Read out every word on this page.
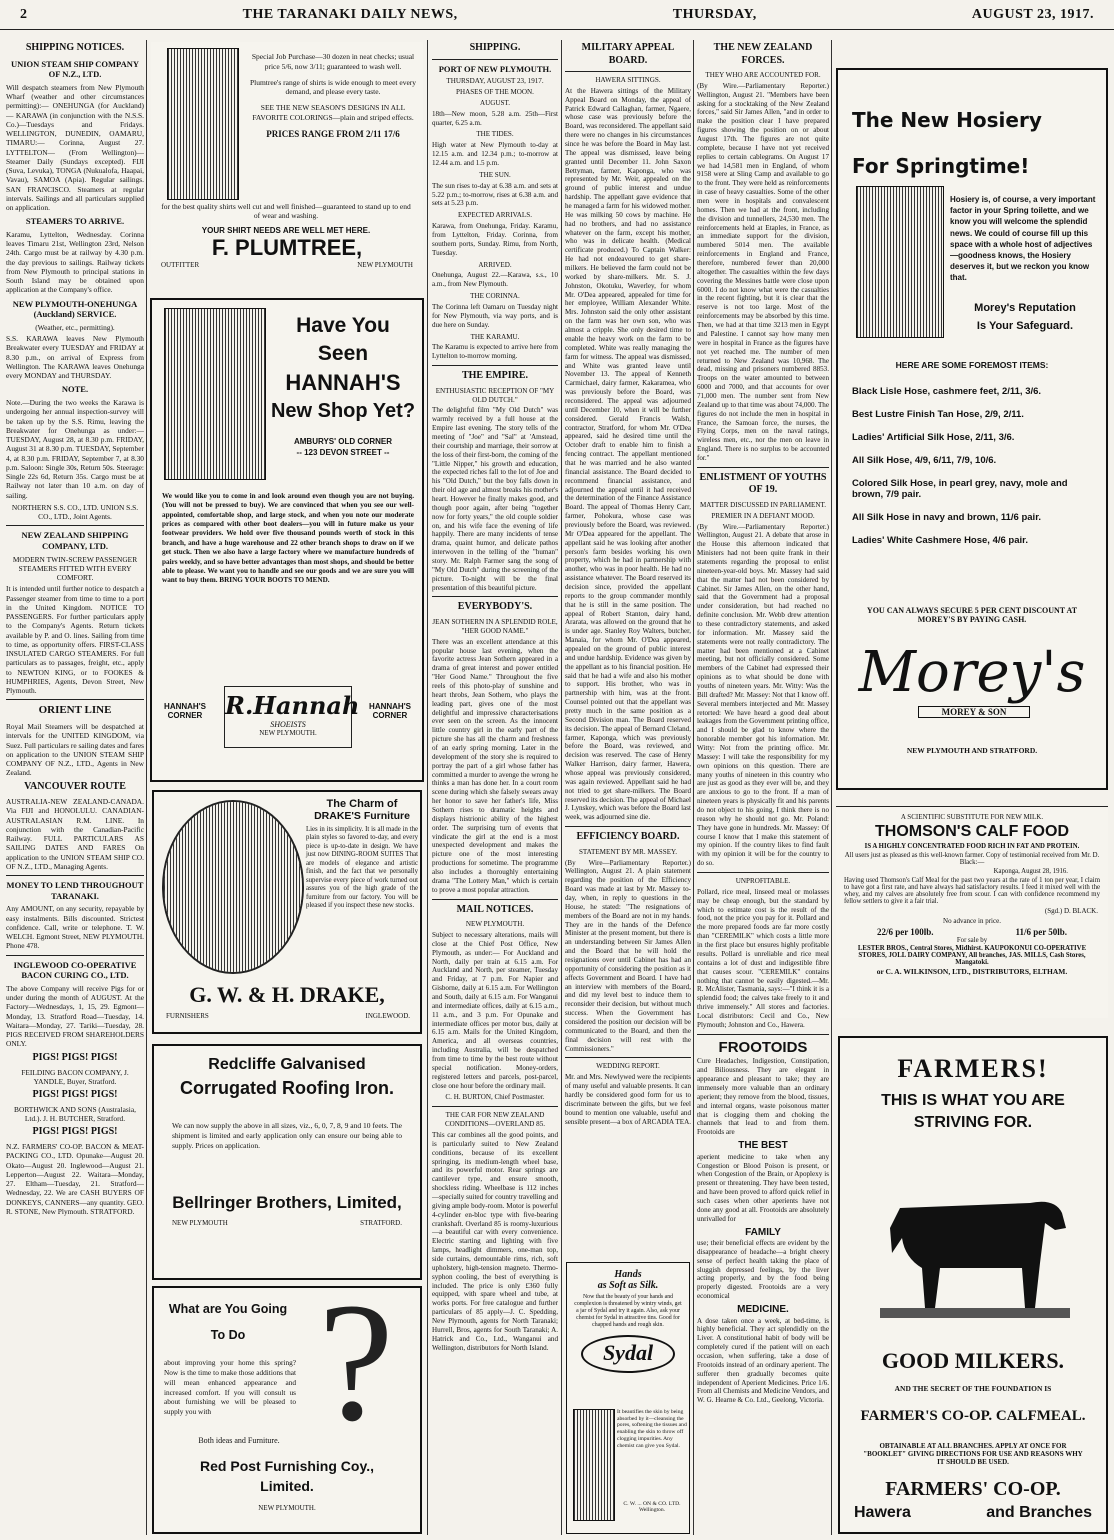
2	THE TARANAKI DAILY NEWS,	THURSDAY,	AUGUST 23, 1917.
SHIPPING NOTICES.
UNION STEAM SHIP COMPANY OF N.Z., LTD.
Will despatch steamers from New Plymouth Wharf (weather and other circumstances permitting):— ONEHUNGA (for Auckland)— KARAWA (in conjunction with the N.S.S. Co.)—Tuesdays and Fridays. WELLINGTON, DUNEDIN, OAMARU, TIMARU:— Corinna, August 27. LYTTELTON— (From Wellington)— Steamer Daily (Sundays excepted). FIJI (Suva, Levuka), TONGA (Nukualofa, Haapai, Vavau), SAMOA (Apia). Regular sailings. SAN FRANCISCO. Steamers at regular intervals. Sailings and all particulars supplied on application.
STEAMERS TO ARRIVE.
Karamu, Lyttelton, Wednesday. Corinna leaves Timaru 21st, Wellington 23rd, Nelson 24th. Cargo must be at railway by 4.30 p.m. the day previous to sailings. Railway tickets from New Plymouth to principal stations in South Island may be obtained upon application at the Company's office.
NEW PLYMOUTH-ONEHUNGA (Auckland) SERVICE.
(Weather, etc., permitting).
S.S. KARAWA leaves New Plymouth Breakwater every TUESDAY and FRIDAY at 8.30 p.m., on arrival of Express from Wellington. The KARAWA leaves Onehunga every MONDAY and THURSDAY.
NOTE.
Note.—During the two weeks the Karawa is undergoing her annual inspection-survey will be taken up by the S.S. Rimu, leaving the Breakwater for Onehunga as under:— TUESDAY, August 28, at 8.30 p.m. FRIDAY, August 31 at 8.30 p.m. TUESDAY, September 4, at 8.30 p.m. FRIDAY, September 7, at 8.30 p.m. Saloon: Single 30s, Return 50s. Steerage: Single 22s 6d, Return 35s. Cargo must be at Railway not later than 10 a.m. on day of sailing.
NORTHERN S.S. CO., LTD. UNION S.S. CO., LTD., Joint Agents.
NEW ZEALAND SHIPPING COMPANY, LTD.
MODERN TWIN-SCREW PASSENGER STEAMERS FITTED WITH EVERY COMFORT.
It is intended until further notice to despatch a Passenger steamer from time to time to a port in the United Kingdom. NOTICE TO PASSENGERS. For further particulars apply to the Company's Agents. Return tickets available by P. and O. lines. Sailing from time to time, as opportunity offers. FIRST-CLASS INSULATED CARGO STEAMERS. For full particulars as to passages, freight, etc., apply to NEWTON KING, or to FOOKES & HUMPHRIES, Agents, Devon Street, New Plymouth.
ORIENT LINE
Royal Mail Steamers will be despatched at intervals for the UNITED KINGDOM, via Suez. Full particulars re sailing dates and fares on application to the UNION STEAM SHIP COMPANY OF N.Z., LTD., Agents in New Zealand.
VANCOUVER ROUTE
AUSTRALIA-NEW ZEALAND-CANADA. Via FIJI and HONOLULU. CANADIAN-AUSTRALASIAN R.M. LINE. In conjunction with the Canadian-Pacific Railway. FULL PARTICULARS AS SAILING DATES AND FARES On application to the UNION STEAM SHIP CO. OF N.Z., LTD., Managing Agents.
MONEY TO LEND THROUGHOUT TARANAKI.
Any AMOUNT, on any security, repayable by easy instalments. Bills discounted. Strictest confidence. Call, write or telephone. T. W. WELCH. Egmont Street, NEW PLYMOUTH. Phone 478.
INGLEWOOD CO-OPERATIVE BACON CURING CO., LTD.
The above Company will receive Pigs for or under during the month of AUGUST. At the Factory—Wednesdays, 1, 15, 29. Egmont—Monday, 13. Stratford Road—Tuesday, 14. Waitara—Monday, 27. Tariki—Tuesday, 28. PIGS RECEIVED FROM SHAREHOLDERS ONLY.
PIGS! PIGS! PIGS!
FEILDING BACON COMPANY, J. YANDLE, Buyer, Stratford.
PIGS! PIGS! PIGS!
BORTHWICK AND SONS (Australasia, Ltd.). J. H. BUTCHER, Stratford.
PIGS! PIGS! PIGS!
N.Z. FARMERS' CO-OP. BACON & MEAT-PACKING CO., LTD. Opunake—August 20. Okato—August 20. Inglewood—August 21. Lepperton—August 22. Waitara—Monday, 27. Eltham—Tuesday, 21. Stratford—Wednesday, 22. We are CASH BUYERS OF DONKEYS, CANNERS—any quantity. GEO. R. STONE, New Plymouth. STRATFORD.
Special Job Purchase—30 dozen in neat checks; usual price 5/6, now 3/11; guaranteed to wash well.
Plumtree's range of shirts is wide enough to meet every demand, and please every taste.
SEE THE NEW SEASON'S DESIGNS IN ALL FAVORITE COLORINGS—plain and striped effects.
PRICES RANGE FROM 2/11 17/6
for the best quality shirts well cut and well finished—guaranteed to stand up to end of wear and washing.
YOUR SHIRT NEEDS ARE WELL MET HERE.
F. PLUMTREE,
OUTFITTER	NEW PLYMOUTH
Have You
Seen
HANNAH'S
New Shop Yet?
AMBURYS' OLD CORNER
-- 123 DEVON STREET --
We would like you to come in and look around even though you are not buying. (You will not be pressed to buy). We are convinced that when you see our well-appointed, comfortable shop, and large stock, and when you note our moderate prices as compared with other boot dealers—you will in future make us your footwear providers. We hold over five thousand pounds worth of stock in this branch, and have a huge warehouse and 22 other branch shops to draw on if we get stuck. Then we also have a large factory where we manufacture hundreds of pairs weekly, and so have better advantages than most shops, and should be better able to please. We want you to handle and see our goods and we are sure you will want to buy them. BRING YOUR BOOTS TO MEND.
HANNAH'S CORNER R.Hannah
SHOEISTS
NEW PLYMOUTH.
HANNAH'S CORNER
The Charm of
DRAKE'S Furniture
Lies in its simplicity. It is all made in the plain styles so favored to-day, and every piece is up-to-date in design. We have just now DINING-ROOM SUITES That are models of elegance and artistic finish, and the fact that we personally supervise every piece of work turned out assures you of the high grade of the furniture from our factory. You will be pleased if you inspect these new stocks.
G. W. & H. DRAKE,
FURNISHERS	INGLEWOOD.
Redcliffe Galvanised
Corrugated Roofing Iron.
We can now supply the above in all sizes, viz., 6, 0, 7, 8, 9 and 10 feets. The shipment is limited and early application only can ensure our being able to supply. Prices on application.
Bellringer Brothers, Limited,
NEW PLYMOUTH	STRATFORD.
What are You Going
To Do ?
about improving your home this spring? Now is the time to make those additions that will mean enhanced appearance and increased comfort. If you will consult us about furnishing we will be pleased to supply you with
Both ideas and Furniture.
Red Post Furnishing Coy.,
Limited.
NEW PLYMOUTH.
SHIPPING.
PORT OF NEW PLYMOUTH.
THURSDAY, AUGUST 23, 1917.
PHASES OF THE MOON.
AUGUST.
18th—New moon, 5.28 a.m. 25th—First quarter, 6.25 a.m.
THE TIDES.
High water at New Plymouth to-day at 12.15 a.m. and 12.34 p.m.; to-morrow at 12.44 a.m. and 1.5 p.m.
THE SUN.
The sun rises to-day at 6.38 a.m. and sets at 5.22 p.m.; to-morrow, rises at 6.38 a.m. and sets at 5.23 p.m.
EXPECTED ARRIVALS.
Karawa, from Onehunga, Friday. Karamu, from Lyttelton, Friday. Corinna, from southern ports, Sunday. Rimu, from North, Tuesday.
ARRIVED.
Onehunga, August 22.—Karawa, s.s., 10 a.m., from New Plymouth.
THE CORINNA.
The Corinna left Oamaru on Tuesday night for New Plymouth, via way ports, and is due here on Sunday.
THE KARAMU.
The Karamu is expected to arrive here from Lyttelton to-morrow morning.
THE EMPIRE.
ENTHUSIASTIC RECEPTION OF "MY OLD DUTCH."
The delightful film "My Old Dutch" was warmly received by a full house at the Empire last evening. The story tells of the meeting of "Joe" and "Sal" at 'Amstead, their courtship and marriage, their sorrow at the loss of their first-born, the coming of the "Little Nipper," his growth and education, the expected riches fall to the lot of Joe and his "Old Dutch," but the boy falls down in their old age and almost breaks his mother's heart. However he finally makes good, and though poor again, after being "together now for forty years," the old couple soldier on, and his wife face the evening of life happily. There are many incidents of tense drama, quaint humor, and delicate pathos interwoven in the telling of the "human" story. Mr. Ralph Farmer sang the song of "My Old Dutch" during the screening of the picture. To-night will be the final presentation of this beautiful picture.
EVERYBODY'S.
JEAN SOTHERN IN A SPLENDID ROLE, "HER GOOD NAME."
There was an excellent attendance at this popular house last evening, when the favorite actress Jean Sothern appeared in a drama of great interest and power entitled "Her Good Name." Throughout the five reels of this photo-play of sunshine and heart throbs, Jean Sothern, who plays the leading part, gives one of the most delightful and impressive characterisations ever seen on the screen. As the innocent little country girl in the early part of the picture she has all the charm and freshness of an early spring morning. Later in the development of the story she is required to portray the part of a girl whose father has committed a murder to avenge the wrong he thinks a man has done her. In a court room scene during which she falsely swears away her honor to save her father's life, Miss Sothern rises to dramatic heights and displays histrionic ability of the highest order. The surprising turn of events that vindicate the girl at the end is a most unexpected development and makes the picture one of the most interesting productions for sometime. The programme also includes a thoroughly entertaining drama "The Lottery Man," which is certain to prove a most popular attraction.
MAIL NOTICES.
NEW PLYMOUTH.
Subject to necessary alterations, mails will close at the Chief Post Office, New Plymouth, as under:— For Auckland and North, daily per train at 6.15 a.m. For Auckland and North, per steamer, Tuesday and Friday, at 7 p.m. For Napier and Gisborne, daily at 6.15 a.m. For Wellington and South, daily at 6.15 a.m. For Wanganui and intermediate offices, daily at 6.15 a.m., 11 a.m., and 3 p.m. For Opunake and intermediate offices per motor bus, daily at 6.15 a.m. Mails for the United Kingdom, America, and all overseas countries, including Australia, will be despatched from time to time by the best route without special notification. Money-orders, registered letters and parcels, post-parcel, close one hour before the ordinary mail.
C. H. BURTON, Chief Postmaster.
THE CAR FOR NEW ZEALAND CONDITIONS—OVERLAND 85.
This car combines all the good points, and is particularly suited to New Zealand conditions, because of its excellent springing, its medium-length wheel base, and its powerful motor. Rear springs are cantilever type, and ensure smooth, shockless riding. Wheelbase is 112 inches —specially suited for country travelling and giving ample body-room. Motor is powerful 4-cylinder en-bloc type with five-bearing crankshaft. Overland 85 is roomy-luxurious—a beautiful car with every convenience. Electric starting and lighting with five lamps, headlight dimmers, one-man top, side curtains, demountable rims, rich, soft upholstery, high-tension magneto. Thermo-syphon cooling, the best of everything is included. The price is only £360 fully equipped, with spare wheel and tube, at works ports. For free catalogue and further particulars of 85 apply—J. C. Spedding, New Plymouth, agents for North Taranaki; Hurrell, Bros, agents for South Taranaki; A. Hatrick and Co., Ltd., Wanganui and Wellington, distributors for North Island.
MILITARY APPEAL BOARD.
HAWERA SITTINGS.
At the Hawera sittings of the Military Appeal Board on Monday, the appeal of Patrick Edward Callaghan, farmer, Ngaere, whose case was previously before the Board, was reconsidered. The appellant said there were no changes in his circumstances since he was before the Board in May last. The appeal was dismissed, leave being granted until December 11. John Saxon Bettyman, farmer, Kaponga, who was represented by Mr. Weir, appealed on the ground of public interest and undue hardship. The appellant gave evidence that he managed a farm for his widowed mother. He was milking 50 cows by machine. He had no brothers, and had no assistance whatever on the farm, except his mother, who was in delicate health. (Medical certificate produced.) To Captain Walker: He had not endeavoured to get share-milkers. He believed the farm could not be worked by share-milkers. Mr. S. J. Johnston, Okotuku, Waverley, for whom Mr. O'Dea appeared, appealed for time for her employee, William Alexander White. Mrs. Johnston said the only other assistant on the farm was her own son, who was almost a cripple. She only desired time to enable the heavy work on the farm to be completed. White was really managing the farm for witness. The appeal was dismissed, and White was granted leave until November 13. The appeal of Kenneth Carmichael, dairy farmer, Kakaramea, who was previously before the Board, was reconsidered. The appeal was adjourned until December 10, when it will be further considered. Gerald Francis Walsh, contractor, Stratford, for whom Mr. O'Dea appeared, said he desired time until the October draft to enable him to finish a fencing contract. The appellant mentioned that he was married and he also wanted financial assistance. The Board decided to recommend financial assistance, and adjourned the appeal until it had received the determination of the Finance Assistance Board. The appeal of Thomas Henry Carr, farmer, Pohokura, whose case was previously before the Board, was reviewed. Mr O'Dea appeared for the appellant. The appellant said he was looking after another person's farm besides working his own property, which he had in partnership with another, who was in poor health. He had no assistance whatever. The Board reserved its decision since, provided the appellant reports to the group commander monthly that he is still in the same position. The appeal of Robert Stanton, dairy hand, Ararata, was allowed on the ground that he is under age. Stanley Roy Walters, butcher, Manaia, for whom Mr. O'Dea appeared, appealed on the ground of public interest and undue hardship. Evidence was given by the appellant as to his financial position. He said that he had a wife and also his mother to support. His brother, who was in partnership with him, was at the front. Counsel pointed out that the appellant was pretty much in the same position as a Second Division man. The Board reserved its decision. The appeal of Bernard Cleland, farmer, Kaponga, which was previously before the Board, was reviewed, and decision was reserved. The case of Henry Walker Harrison, dairy farmer, Hawera, whose appeal was previously considered, was again reviewed. Appellant said he had not tried to get share-milkers. The Board reserved its decision. The appeal of Michael J. Lynskey, which was before the Board last week, was adjourned sine die.
EFFICIENCY BOARD.
STATEMENT BY MR. MASSEY.
(By Wire—Parliamentary Reporter.) Wellington, August 21. A plain statement regarding the position of the Efficiency Board was made at last by Mr. Massey to-day, when, in reply to questions in the House, he stated: "The resignations of members of the Board are not in my hands. They are in the hands of the Defence Minister at the present moment, but there is an understanding between Sir James Allen and the Board that he will hold the resignations over until Cabinet has had an opportunity of considering the position as it affects Government and Board. I have had an interview with members of the Board, and did my level best to induce them to reconsider their decision, but without much success. When the Government has considered the position our decision will be communicated to the Board, and then the final decision will rest with the Commissioners."
WEDDING REPORT.
Mr. and Mrs. Newlywed were the recipients of many useful and valuable presents. It can hardly be considered good form for us to discriminate between the gifts, but we feel bound to mention one valuable, useful and sensible present—a box of ARCADIA TEA.
Hands
as Soft as Silk.
Now that the beauty of your hands and complexion is threatened by wintry winds, get a jar of Sydal and try it again. Also, ask your chemist for Sydal in attractive tins. Good for chapped hands and rough skin.
Sydal
It beautifies the skin by being absorbed by it—cleansing the pores, softening the tissues and enabling the skin to throw off clogging impurities. Any chemist can give you Sydal.
C. W. ... ON & CO. LTD. Wellington.
THE NEW ZEALAND FORCES.
THEY WHO ARE ACCOUNTED FOR.
(By Wire.—Parliamentary Reporter.) Wellington, August 21. "Members have been asking for a stocktaking of the New Zealand forces," said Sir James Allen, "and in order to make the position clear I have prepared figures showing the position on or about August 17th. The figures are not quite complete, because I have not yet received replies to certain cablegrams. On August 17 we had 14,581 men in England, of whom 9158 were at Sling Camp and available to go to the front. They were held as reinforcements in case of heavy casualties. Some of the other men were in hospitals and convalescent homes. Then we had at the front, including the division and tunnellers, 24,530 men. The reinforcements held at Etaples, in France, as an immediate support for the division, numbered 5014 men. The available reinforcements in England and France, therefore, numbered fewer than 20,000 altogether. The casualties within the few days covering the Messines battle were close upon 6000. I do not know what were the casualties in the recent fighting, but it is clear that the reserve is not too large. Most of the reinforcements may be absorbed by this time. Then, we had at that time 3213 men in Egypt and Palestine. I cannot say how many men were in hospital in France as the figures have not yet reached me. The number of men returned to New Zealand was 10,968. The dead, missing and prisoners numbered 8853. Troops on the water amounted to between 6000 and 7000, and that accounts for over 71,000 men. The number sent from New Zealand up to that time was about 74,000. The figures do not include the men in hospital in France, the Samoan force, the nurses, the Flying Corps, men on the naval ratings, wireless men, etc., nor the men on leave in England. There is no surplus to be accounted for."
ENLISTMENT OF YOUTHS OF 19.
MATTER DISCUSSED IN PARLIAMENT.
PREMIER IN A DEFIANT MOOD.
(By Wire.—Parliamentary Reporter.) Wellington, August 21. A debate that arose in the House this afternoon indicated that Ministers had not been quite frank in their statements regarding the proposal to enlist nineteen-year-old boys. Mr. Massey had said that the matter had not been considered by Cabinet. Sir James Allen, on the other hand, said that the Government had a proposal under consideration, but had reached no definite conclusion. Mr. Webb drew attention to these contradictory statements, and asked for information. Mr. Massey said the statements were not really contradictory. The matter had been mentioned at a Cabinet meeting, but not officially considered. Some members of the Cabinet had expressed their opinions as to what should be done with youths of nineteen years. Mr. Witty: Was the Bill drafted? Mr. Massey: Not that I know off. Several members interjected and Mr. Massey retorted: We have heard a good deal about leakages from the Government printing office, and I should be glad to know where the honorable member got his information. Mr. Witty: Not from the printing office. Mr. Massey: I will take the responsibility for my own opinions on this question. There are many youths of nineteen in this country who are just as good as they ever will be, and they are anxious to go to the front. If a man of nineteen years is physically fit and his parents do not object to his going, I think there is no reason why he should not go. Mr. Poland: They have gone in hundreds. Mr. Massey: Of course I know that I make this statement of my opinion. If the country likes to find fault with my opinion it will be for the country to do so.
UNPROFITABLE.
Pollard, rice meal, linseed meal or molasses may be cheap enough, but the standard by which to estimate cost is the result of the food, not the price you pay for it. Pollard and the more prepared foods are far more costly than "CEREMILK" which costs a little more in the first place but ensures highly profitable results. Pollard is unreliable and rice meal contains a lot of dust and indigestible fibre that causes scour. "CEREMILK" contains nothing that cannot be easily digested.—Mr. R. McAlister, Tasmania, says:—"I think it is a splendid food; the calves take freely to it and thrive immensely." All stores and factories. Local distributors: Cecil and Co., New Plymouth; Johnston and Co., Hawera.
FROOTOIDS
Cure Headaches, Indigestion, Constipation, and Biliousness. They are elegant in appearance and pleasant to take; they are immensely more valuable than an ordinary aperient; they remove from the blood, tissues, and internal organs, waste poisonous matter that is clogging them and choking the channels that lead to and from them. Frootoids are
THE BEST
aperient medicine to take when any Congestion or Blood Poison is present, or when Congestion of the Brain, or Apoplexy is present or threatening. They have been tested, and have been proved to afford quick relief in such cases when other aperients have not done any good at all. Frootoids are absolutely unrivalled for
FAMILY
use; their beneficial effects are evident by the disappearance of headache—a bright cheery sense of perfect health taking the place of sluggish depressed feelings, by the liver acting properly, and by the food being properly digested. Frootoids are a very economical
MEDICINE.
A dose taken once a week, at bed-time, is highly beneficial. They act splendidly on the Liver. A constitutional habit of body will be completely cured if the patient will on each occasion, when suffering, take a dose of Frootoids instead of an ordinary aperient. The sufferer then gradually becomes quite independent of Aperient Medicines. Price 1/6. From all Chemists and Medicine Vendors, and W. G. Hearne & Co. Ltd., Geelong, Victoria.
The New Hosiery
For Springtime!
Hosiery is, of course, a very important factor in your Spring toilette, and we know you will welcome the splendid news. We could of course fill up this space with a whole host of adjectives—goodness knows, the Hosiery deserves it, but we reckon you know that.
Morey's Reputation
Is Your Safeguard.
HERE ARE SOME FOREMOST ITEMS:
Black Lisle Hose, cashmere feet, 2/11, 3/6.
Best Lustre Finish Tan Hose, 2/9, 2/11.
Ladies' Artificial Silk Hose, 2/11, 3/6.
All Silk Hose, 4/9, 6/11, 7/9, 10/6.
Colored Silk Hose, in pearl grey, navy, mole and brown, 7/9 pair.
All Silk Hose in navy and brown, 11/6 pair.
Ladies' White Cashmere Hose, 4/6 pair.
YOU CAN ALWAYS SECURE 5 PER CENT DISCOUNT AT MOREY'S BY PAYING CASH.
Morey's
MOREY & SON
NEW PLYMOUTH AND STRATFORD.
A SCIENTIFIC SUBSTITUTE FOR NEW MILK.
THOMSON'S CALF FOOD
IS A HIGHLY CONCENTRATED FOOD RICH IN FAT AND PROTEIN.
All users just as pleased as this well-known farmer. Copy of testimonial received from Mr. D. Black:—
Kaponga, August 28, 1916.
Having used Thomson's Calf Meal for the past two years at the rate of 1 ton per year, I claim to have got a first rate, and have always had satisfactory results. I feed it mixed well with the whey, and my calves are absolutely free from scour. I can with confidence recommend my fellow settlers to give it a fair trial.
(Sgd.) D. BLACK.
No advance in price.
22/6 per 100lb.	11/6 per 50lb.
For sale by
LESTER BROS., Central Stores, Midhirst. KAUPOKONUI CO-OPERATIVE STORES, JOLL DAIRY COMPANY, All branches, JAS. MILLS, Cash Stores, Mangatoki.
or C. A. WILKINSON, LTD., DISTRIBUTORS, ELTHAM.
FARMERS!
THIS IS WHAT YOU ARE
STRIVING FOR.
GOOD MILKERS.
AND THE SECRET OF THE FOUNDATION IS
FARMER'S CO-OP. CALFMEAL.
OBTAINABLE AT ALL BRANCHES. APPLY AT ONCE FOR "BOOKLET" GIVING DIRECTIONS FOR USE AND REASONS WHY IT SHOULD BE USED.
FARMERS' CO-OP.
Hawera	and Branches
